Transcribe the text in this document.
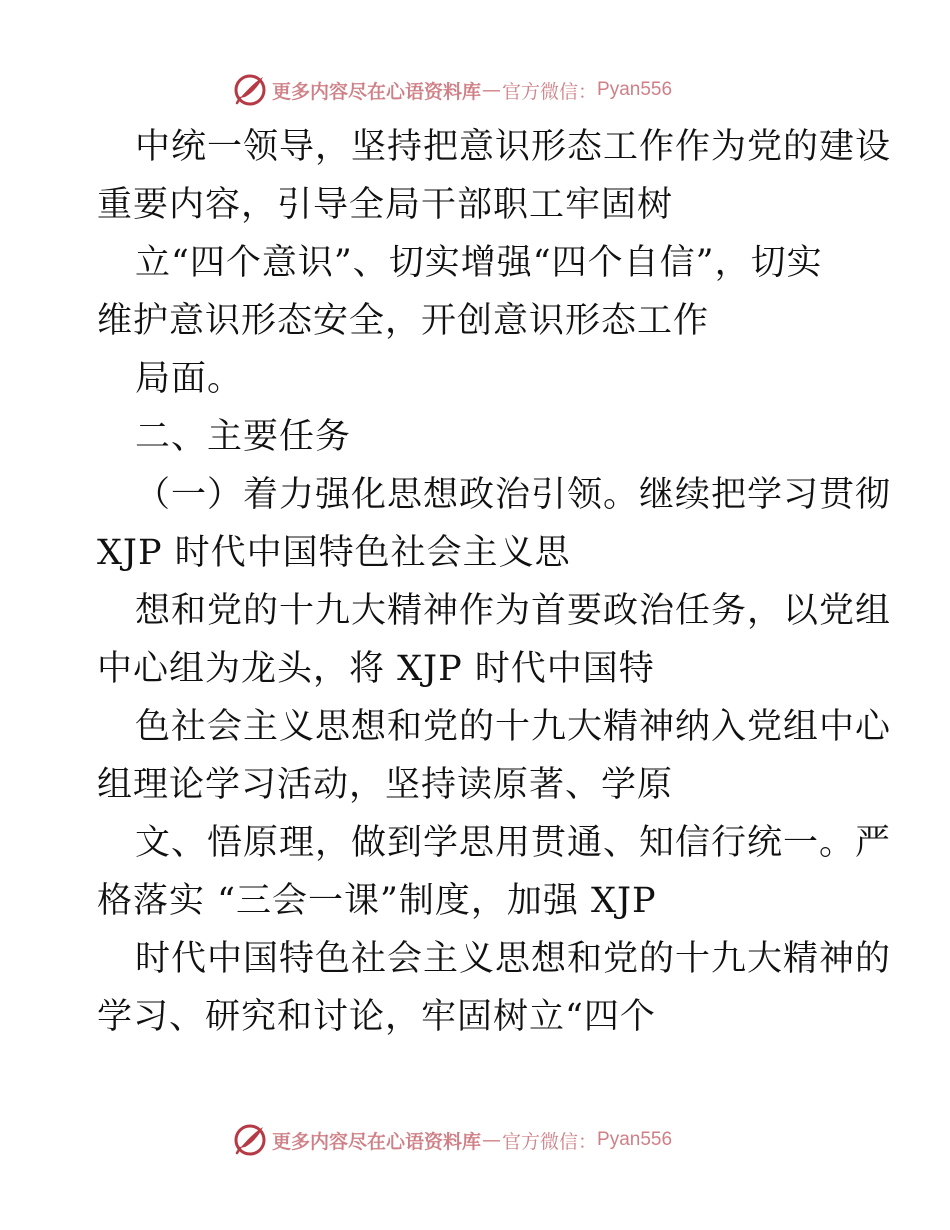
更多内容尽在心语资料库 — 官方微信： Pyan556
中统一领导，坚持把意识形态工作作为党的建设
重要内容，引导全局干部职工牢固树
立“四个意识”、切实增强“四个自信”，切实
维护意识形态安全，开创意识形态工作
局面。
二、主要任务
（一）着力强化思想政治引领。继续把学习贯彻
XJP 时代中国特色社会主义思
想和党的十九大精神作为首要政治任务，以党组
中心组为龙头，将 XJP 时代中国特
色社会主义思想和党的十九大精神纳入党组中心
组理论学习活动，坚持读原著、学原
文、悟原理，做到学思用贯通、知信行统一。严
格落实 “三会一课”制度，加强 XJP
时代中国特色社会主义思想和党的十九大精神的
学习、研究和讨论，牢固树立“四个
更多内容尽在心语资料库 — 官方微信： Pyan556
